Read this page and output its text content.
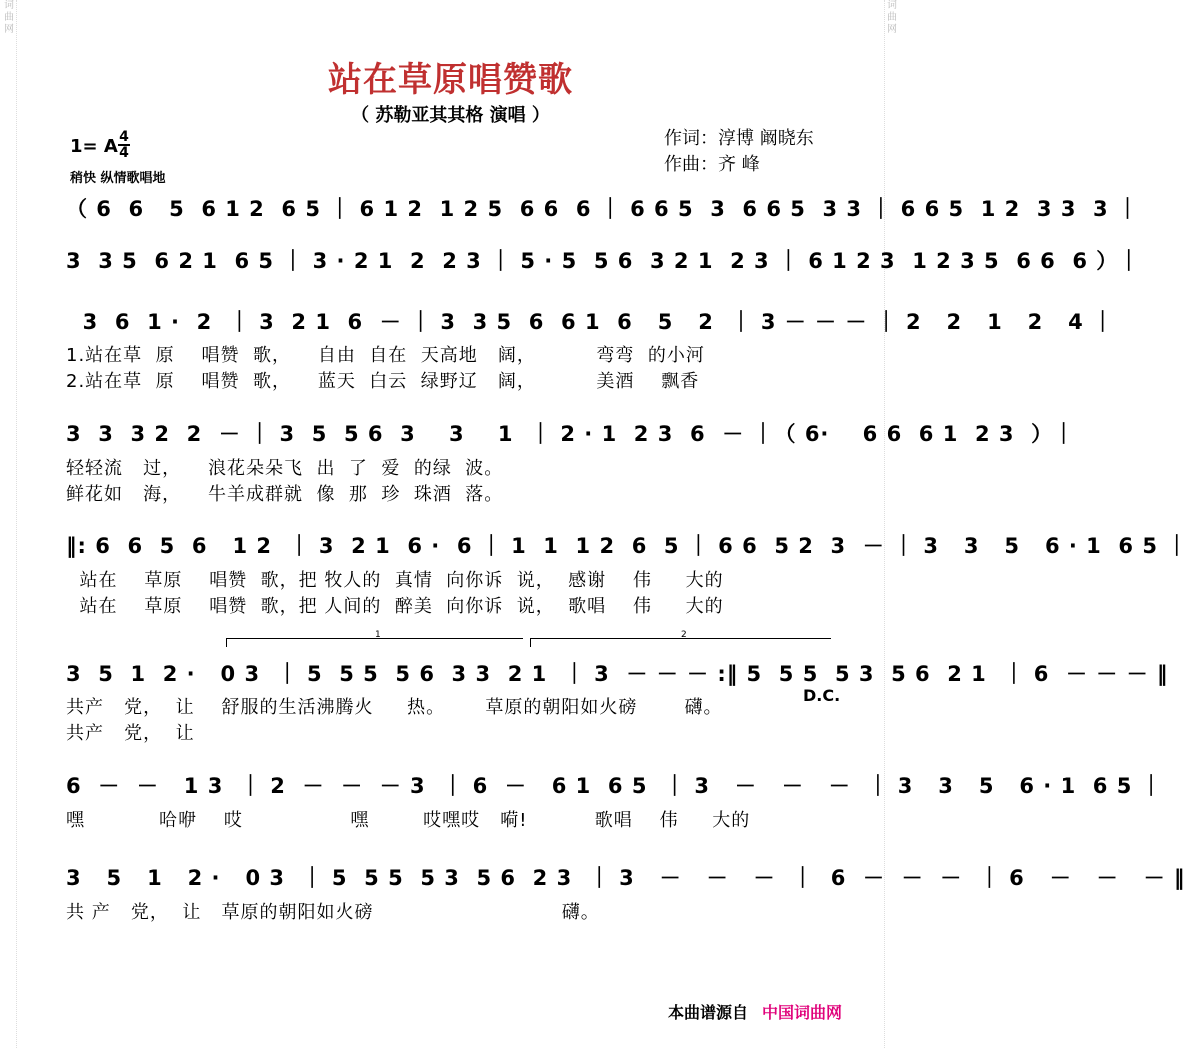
词曲网
词曲网
站在草原唱赞歌
（ 苏勒亚其其格 演唱 ）
作词：淳博 阚晓东
作曲：齐 峰
1= A 4
4
稍快 纵情歌唱地
（ 6  6   5  6 1 2  6 5 ｜ 6 1 2  1 2 5  6 6  6 ｜ 6 6 5  3  6 6 5  3 3 ｜ 6 6 5  1 2  3 3  3 ｜
3  3 5  6 2 1  6 5 ｜ 3 · 2 1  2  2 3 ｜ 5 · 5  5 6  3 2 1  2 3 ｜ 6 1 2 3  1 2 3 5  6 6  6 ）｜
3  6  1 ·  2  ｜ 3  2 1  6  － ｜ 3  3 5  6  6 1  6   5   2  ｜ 3 － － － ｜ 2   2   1   2   4 ｜
1.站在草  原    唱赞  歌，    自由  自在  天高地   阔，         弯弯  的小河
2.站在草  原    唱赞  歌，    蓝天  白云  绿野辽   阔，         美酒    飘香
3  3  3 2  2  － ｜ 3  5  5 6  3    3    1  ｜ 2 · 1  2 3  6  － ｜（ 6·    6 6  6 1  2 3  ）｜
轻轻流   过，    浪花朵朵飞  出  了  爱  的绿  波。
鲜花如   海，    牛羊成群就  像  那  珍  珠酒  落。
‖: 6  6  5  6   1 2  ｜ 3  2 1  6 ·  6 ｜ 1  1  1 2  6  5 ｜ 6 6  5 2  3  － ｜ 3   3   5   6 · 1  6 5 ｜
站在    草原    唱赞  歌，把 牧人的  真情  向你诉  说，  感谢    伟     大的
站在    草原    唱赞  歌，把 人间的  醉美  向你诉  说，  歌唱    伟     大的
1	2
3  5  1  2 ·   0 3  ｜ 5  5 5  5 6  3 3  2 1  ｜ 3  － － － :‖ 5  5 5  5 3  5 6  2 1  ｜ 6  － － － ‖
D.C.
共产   党，  让    舒服的生活沸腾火     热。      草原的朝阳如火磅       礴。
共产   党，  让
6  －  －   1 3  ｜ 2  －  －  － 3  ｜ 6  －   6 1  6 5  ｜ 3   －   －   －  ｜ 3   3   5   6 · 1  6 5 ｜
嘿           哈咿    哎                嘿        哎嘿哎   嗬!          歌唱    伟     大的
3   5   1   2 ·   0 3  ｜ 5  5 5  5 3  5 6  2 3  ｜ 3   －   －   －  ｜  6  －  －  －  ｜ 6   －   －   － ‖
共 产   党，  让   草原的朝阳如火磅                            礴。
本曲谱源自 中国词曲网
